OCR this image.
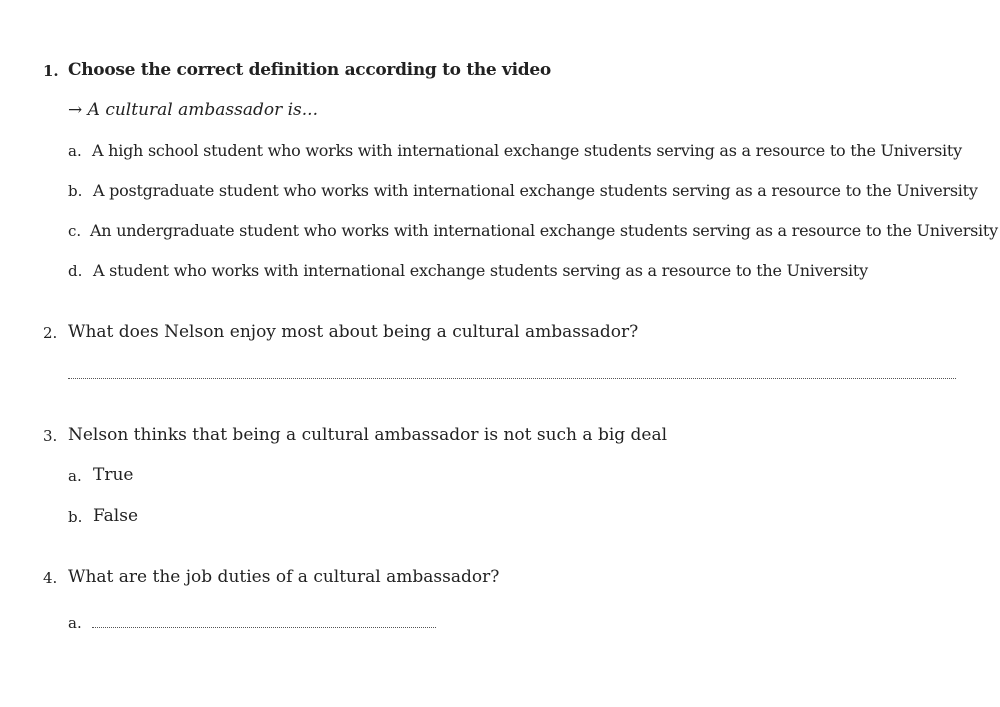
1. Choose the correct definition according to the video
→ A cultural ambassador is...
a. A high school student who works with international exchange students serving as a resource to the University
b. A postgraduate student who works with international exchange students serving as a resource to the University
c. An undergraduate student who works with international exchange students serving as a resource to the University
d. A student who works with international exchange students serving as a resource to the University
2. What does Nelson enjoy most about being a cultural ambassador?
3. Nelson thinks that being a cultural ambassador is not such a big deal
a. True
b. False
4. What are the job duties of a cultural ambassador?
a.
